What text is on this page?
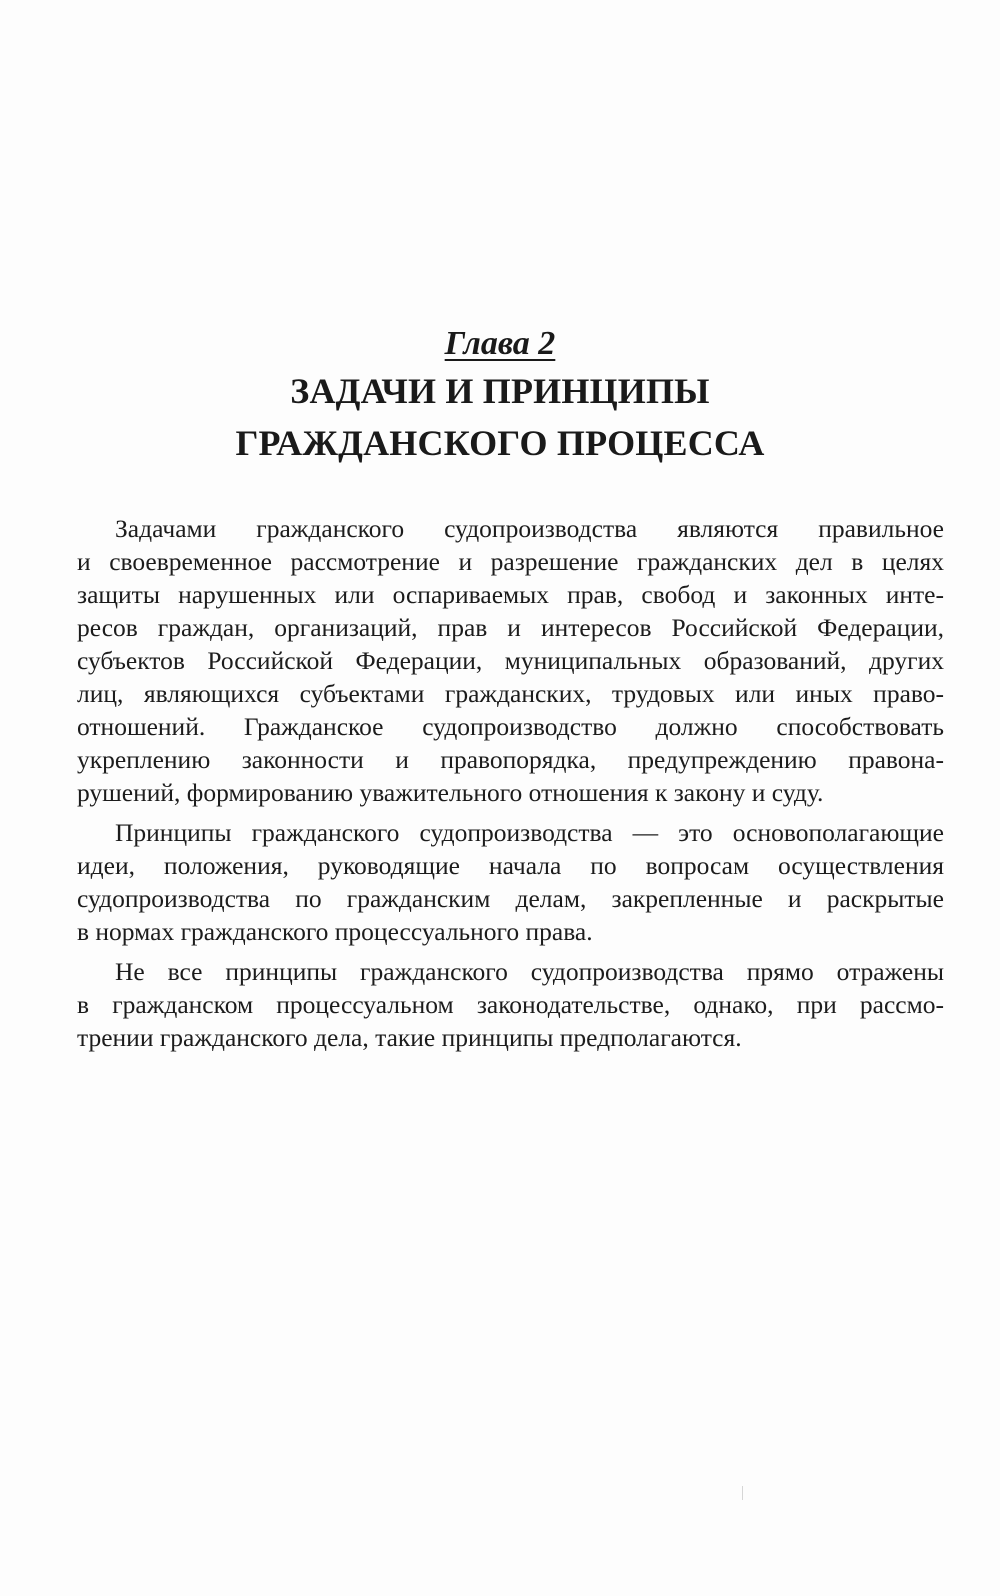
Глава 2
ЗАДАЧИ И ПРИНЦИПЫ
ГРАЖДАНСКОГО ПРОЦЕССА
Задачами гражданского судопроизводства являются правильное
и своевременное рассмотрение и разрешение гражданских дел в целях
защиты нарушенных или оспариваемых прав, свобод и законных инте-
ресов граждан, организаций, прав и интересов Российской Федерации,
субъектов Российской Федерации, муниципальных образований, других
лиц, являющихся субъектами гражданских, трудовых или иных право-
отношений. Гражданское судопроизводство должно способствовать
укреплению законности и правопорядка, предупреждению правона-
рушений, формированию уважительного отношения к закону и суду.
Принципы гражданского судопроизводства — это основополагающие
идеи, положения, руководящие начала по вопросам осуществления
судопроизводства по гражданским делам, закрепленные и раскрытые
в нормах гражданского процессуального права.
Не все принципы гражданского судопроизводства прямо отражены
в гражданском процессуальном законодательстве, однако, при рассмо-
трении гражданского дела, такие принципы предполагаются.
